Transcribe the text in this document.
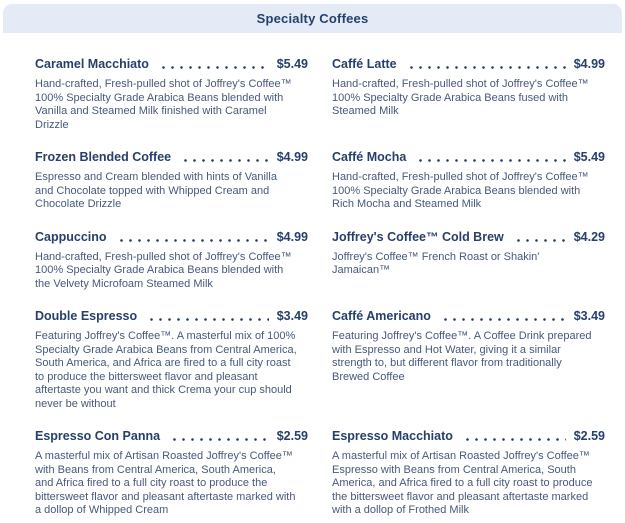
Specialty Coffees
Caramel Macchiato	$5.49
Hand-crafted, Fresh-pulled shot of Joffrey's Coffee™ 100% Specialty Grade Arabica Beans blended with Vanilla and Steamed Milk finished with Caramel Drizzle
Caffé Latte	$4.99
Hand-crafted, Fresh-pulled shot of Joffrey's Coffee™ 100% Specialty Grade Arabica Beans fused with Steamed Milk
Frozen Blended Coffee	$4.99
Espresso and Cream blended with hints of Vanilla and Chocolate topped with Whipped Cream and Chocolate Drizzle
Caffé Mocha	$5.49
Hand-crafted, Fresh-pulled shot of Joffrey's Coffee™ 100% Specialty Grade Arabica Beans blended with Rich Mocha and Steamed Milk
Cappuccino	$4.99
Hand-crafted, Fresh-pulled shot of Joffrey's Coffee™ 100% Specialty Grade Arabica Beans blended with the Velvety Microfoam Steamed Milk
Joffrey's Coffee™ Cold Brew	$4.29
Joffrey's Coffee™ French Roast or Shakin' Jamaican™
Double Espresso	$3.49
Featuring Joffrey's Coffee™. A masterful mix of 100% Specialty Grade Arabica Beans from Central America, South America, and Africa are fired to a full city roast to produce the bittersweet flavor and pleasant aftertaste you want and thick Crema your cup should never be without
Caffé Americano	$3.49
Featuring Joffrey's Coffee™. A Coffee Drink prepared with Espresso and Hot Water, giving it a similar strength to, but different flavor from traditionally Brewed Coffee
Espresso Con Panna	$2.59
A masterful mix of Artisan Roasted Joffrey's Coffee™ with Beans from Central America, South America, and Africa fired to a full city roast to produce the bittersweet flavor and pleasant aftertaste marked with a dollop of Whipped Cream
Espresso Macchiato	$2.59
A masterful mix of Artisan Roasted Joffrey's Coffee™ Espresso with Beans from Central America, South America, and Africa fired to a full city roast to produce the bittersweet flavor and pleasant aftertaste marked with a dollop of Frothed Milk
